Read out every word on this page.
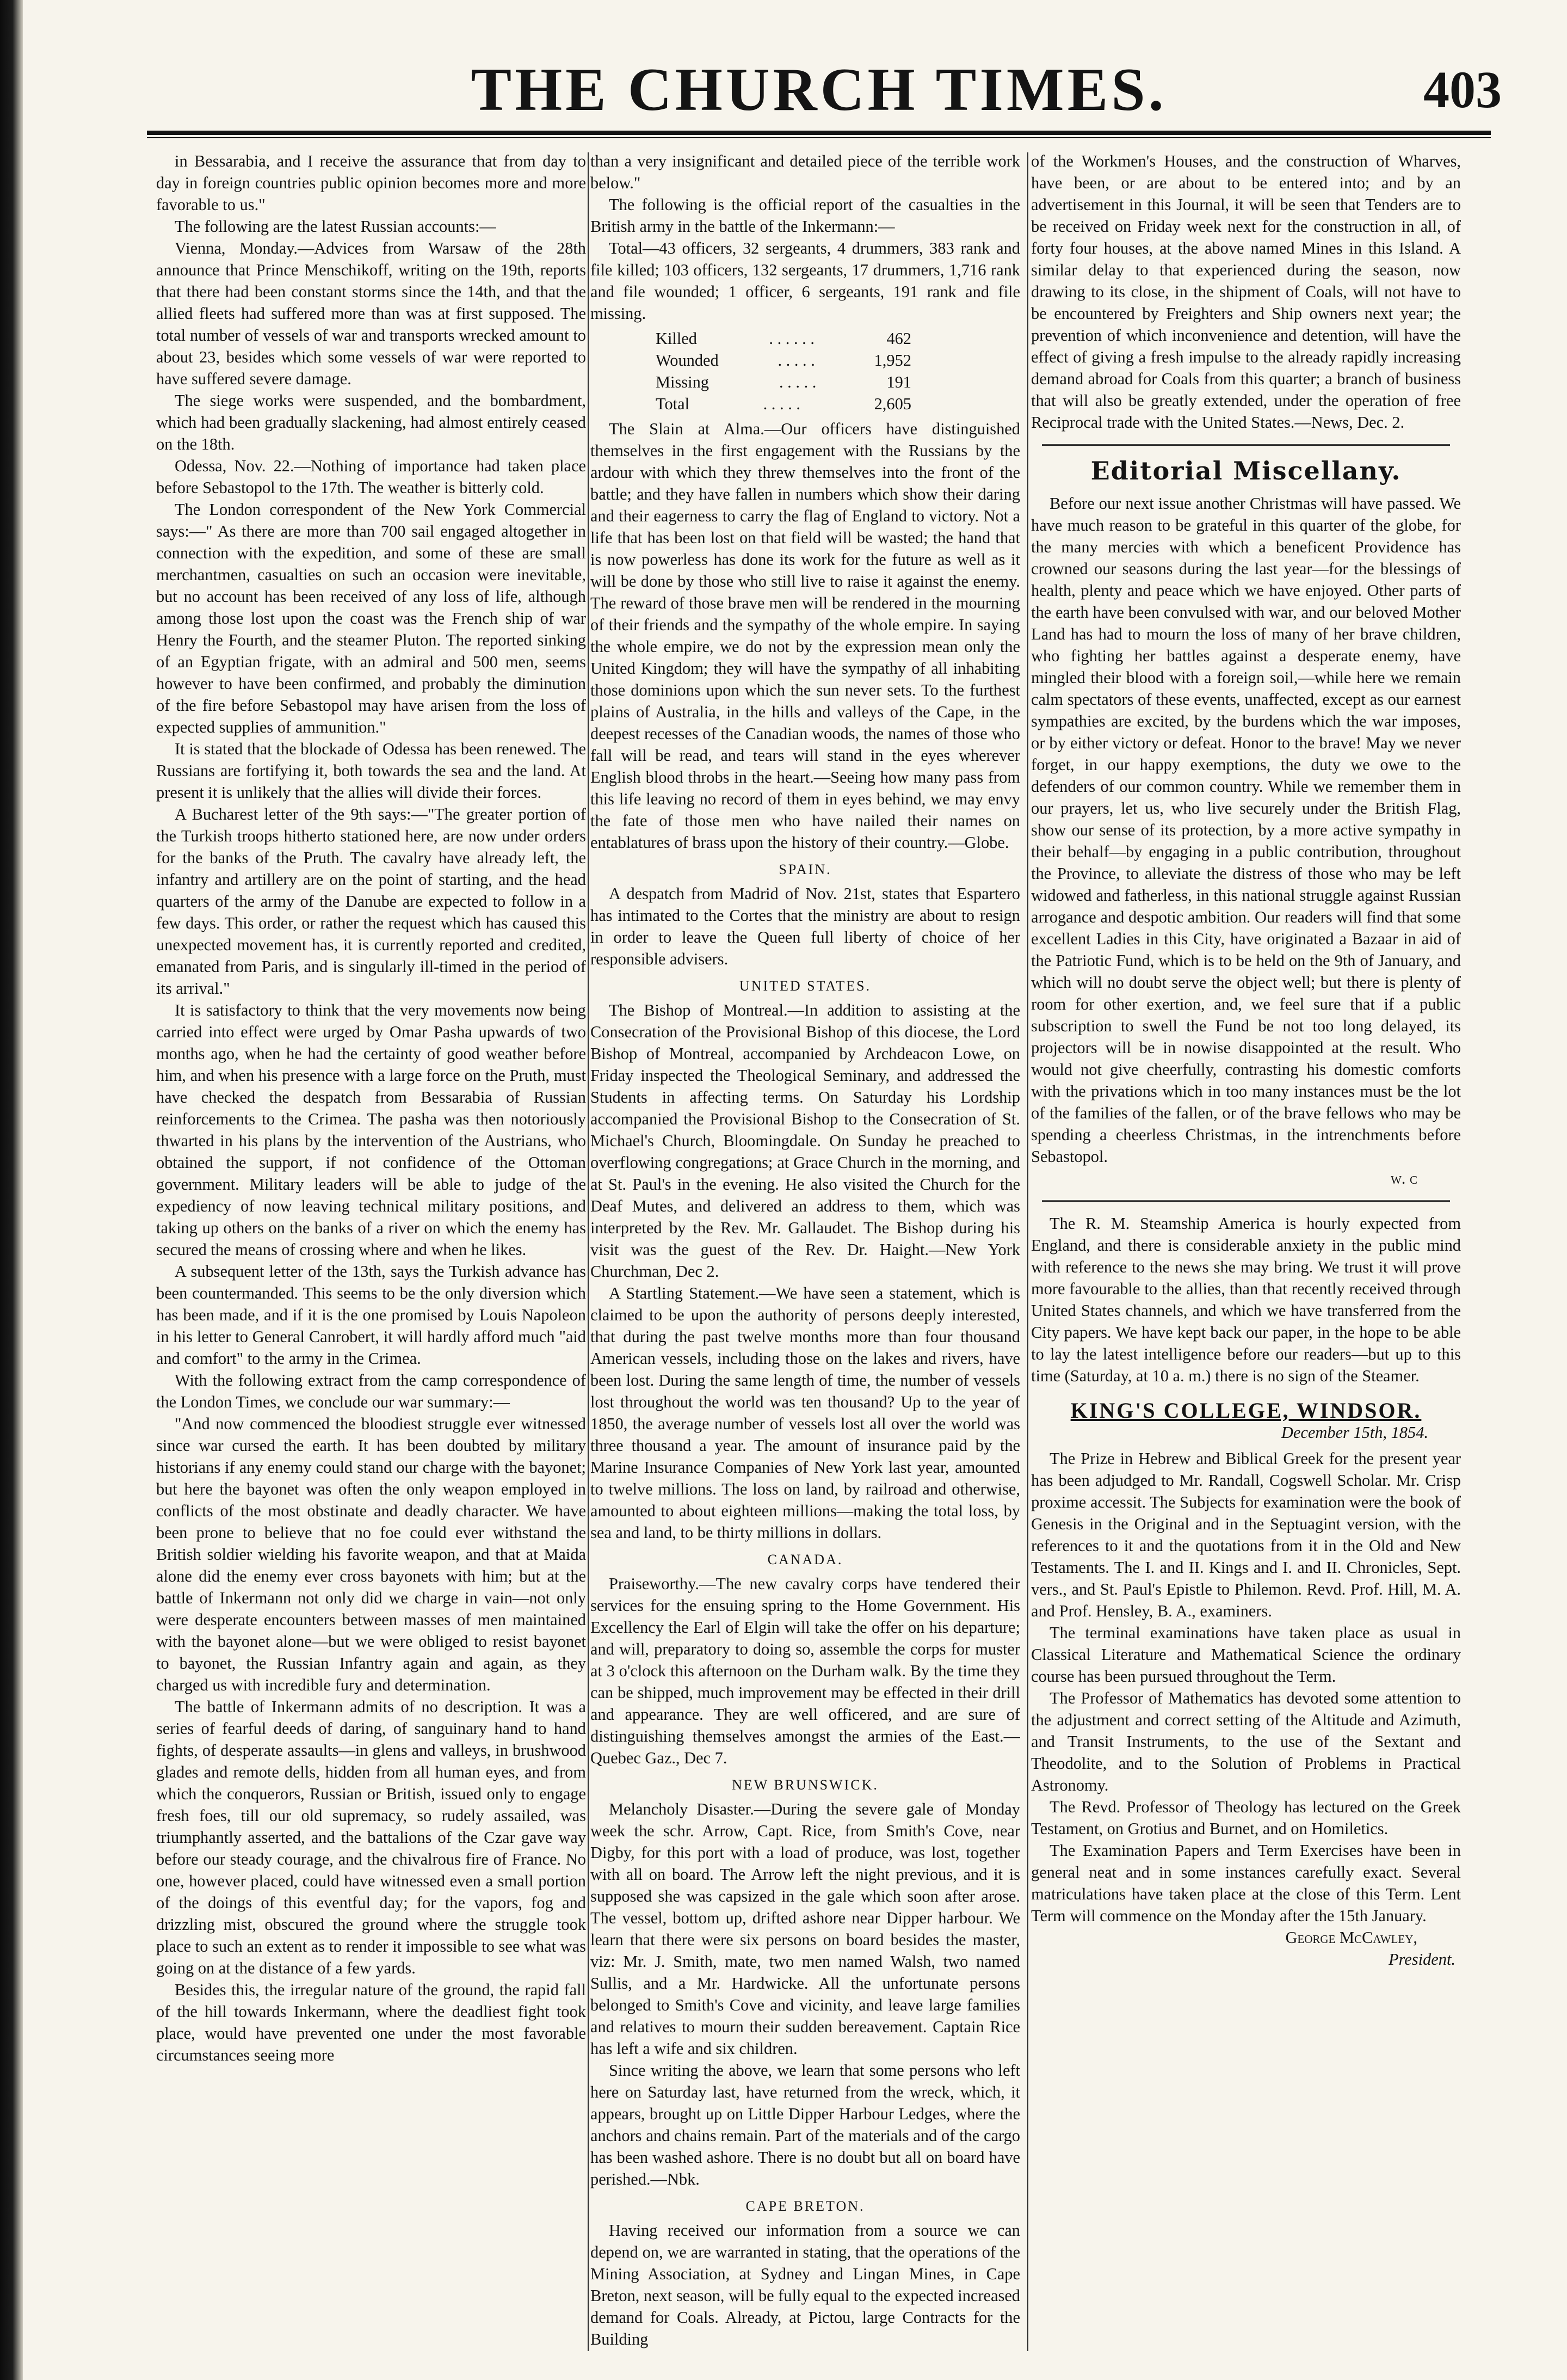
THE CHURCH TIMES.	403

in Bessarabia, and I receive the assurance that from day to day in foreign countries public opinion becomes more and more favorable to us."

The following are the latest Russian accounts:—

Vienna, Monday.—Advices from Warsaw of the 28th announce that Prince Menschikoff, writing on the 19th, reports that there had been constant storms since the 14th, and that the allied fleets had suffered more than was at first supposed. The total number of vessels of war and transports wrecked amount to about 23, besides which some vessels of war were reported to have suffered severe damage.

The siege works were suspended, and the bombardment, which had been gradually slackening, had almost entirely ceased on the 18th.

Odessa, Nov. 22.—Nothing of importance had taken place before Sebastopol to the 17th. The weather is bitterly cold.

The London correspondent of the New York Commercial says:—" As there are more than 700 sail engaged altogether in connection with the expedition, and some of these are small merchantmen, casualties on such an occasion were inevitable, but no account has been received of any loss of life, although among those lost upon the coast was the French ship of war Henry the Fourth, and the steamer Pluton. The reported sinking of an Egyptian frigate, with an admiral and 500 men, seems however to have been confirmed, and probably the diminution of the fire before Sebastopol may have arisen from the loss of expected supplies of ammunition."

It is stated that the blockade of Odessa has been renewed. The Russians are fortifying it, both towards the sea and the land. At present it is unlikely that the allies will divide their forces.

A Bucharest letter of the 9th says:—"The greater portion of the Turkish troops hitherto stationed here, are now under orders for the banks of the Pruth. The cavalry have already left, the infantry and artillery are on the point of starting, and the head quarters of the army of the Danube are expected to follow in a few days. This order, or rather the request which has caused this unexpected movement has, it is currently reported and credited, emanated from Paris, and is singularly ill-timed in the period of its arrival."

It is satisfactory to think that the very movements now being carried into effect were urged by Omar Pasha upwards of two months ago, when he had the certainty of good weather before him, and when his presence with a large force on the Pruth, must have checked the despatch from Bessarabia of Russian reinforcements to the Crimea. The pasha was then notoriously thwarted in his plans by the intervention of the Austrians, who obtained the support, if not confidence of the Ottoman government. Military leaders will be able to judge of the expediency of now leaving technical military positions, and taking up others on the banks of a river on which the enemy has secured the means of crossing where and when he likes.

A subsequent letter of the 13th, says the Turkish advance has been countermanded. This seems to be the only diversion which has been made, and if it is the one promised by Louis Napoleon in his letter to General Canrobert, it will hardly afford much "aid and comfort" to the army in the Crimea.

With the following extract from the camp correspondence of the London Times, we conclude our war summary:—

"And now commenced the bloodiest struggle ever witnessed since war cursed the earth. It has been doubted by military historians if any enemy could stand our charge with the bayonet; but here the bayonet was often the only weapon employed in conflicts of the most obstinate and deadly character. We have been prone to believe that no foe could ever withstand the British soldier wielding his favorite weapon, and that at Maida alone did the enemy ever cross bayonets with him; but at the battle of Inkermann not only did we charge in vain—not only were desperate encounters between masses of men maintained with the bayonet alone—but we were obliged to resist bayonet to bayonet, the Russian Infantry again and again, as they charged us with incredible fury and determination.

The battle of Inkermann admits of no description. It was a series of fearful deeds of daring, of sanguinary hand to hand fights, of desperate assaults—in glens and valleys, in brushwood glades and remote dells, hidden from all human eyes, and from which the conquerors, Russian or British, issued only to engage fresh foes, till our old supremacy, so rudely assailed, was triumphantly asserted, and the battalions of the Czar gave way before our steady courage, and the chivalrous fire of France. No one, however placed, could have witnessed even a small portion of the doings of this eventful day; for the vapors, fog and drizzling mist, obscured the ground where the struggle took place to such an extent as to render it impossible to see what was going on at the distance of a few yards.

Besides this, the irregular nature of the ground, the rapid fall of the hill towards Inkermann, where the deadliest fight took place, would have prevented one under the most favorable circumstances seeing more

than a very insignificant and detailed piece of the terrible work below."

The following is the official report of the casualties in the British army in the battle of the Inkermann:—

Total—43 officers, 32 sergeants, 4 drummers, 383 rank and file killed; 103 officers, 132 sergeants, 17 drummers, 1,716 rank and file wounded; 1 officer, 6 sergeants, 191 rank and file missing.

Killed	. . . . . .	462
Wounded	. . . . .	1,952
Missing	. . . . .	191
Total	. . . . .	2,605

The Slain at Alma.—Our officers have distinguished themselves in the first engagement with the Russians by the ardour with which they threw themselves into the front of the battle; and they have fallen in numbers which show their daring and their eagerness to carry the flag of England to victory. Not a life that has been lost on that field will be wasted; the hand that is now powerless has done its work for the future as well as it will be done by those who still live to raise it against the enemy. The reward of those brave men will be rendered in the mourning of their friends and the sympathy of the whole empire. In saying the whole empire, we do not by the expression mean only the United Kingdom; they will have the sympathy of all inhabiting those dominions upon which the sun never sets. To the furthest plains of Australia, in the hills and valleys of the Cape, in the deepest recesses of the Canadian woods, the names of those who fall will be read, and tears will stand in the eyes wherever English blood throbs in the heart.—Seeing how many pass from this life leaving no record of them in eyes behind, we may envy the fate of those men who have nailed their names on entablatures of brass upon the history of their country.—Globe.

SPAIN.

A despatch from Madrid of Nov. 21st, states that Espartero has intimated to the Cortes that the ministry are about to resign in order to leave the Queen full liberty of choice of her responsible advisers.

UNITED STATES.

The Bishop of Montreal.—In addition to assisting at the Consecration of the Provisional Bishop of this diocese, the Lord Bishop of Montreal, accompanied by Archdeacon Lowe, on Friday inspected the Theological Seminary, and addressed the Students in affecting terms. On Saturday his Lordship accompanied the Provisional Bishop to the Consecration of St. Michael's Church, Bloomingdale. On Sunday he preached to overflowing congregations; at Grace Church in the morning, and at St. Paul's in the evening. He also visited the Church for the Deaf Mutes, and delivered an address to them, which was interpreted by the Rev. Mr. Gallaudet. The Bishop during his visit was the guest of the Rev. Dr. Haight.—New York Churchman, Dec 2.

A Startling Statement.—We have seen a statement, which is claimed to be upon the authority of persons deeply interested, that during the past twelve months more than four thousand American vessels, including those on the lakes and rivers, have been lost. During the same length of time, the number of vessels lost throughout the world was ten thousand? Up to the year of 1850, the average number of vessels lost all over the world was three thousand a year. The amount of insurance paid by the Marine Insurance Companies of New York last year, amounted to twelve millions. The loss on land, by railroad and otherwise, amounted to about eighteen millions—making the total loss, by sea and land, to be thirty millions in dollars.

CANADA.

Praiseworthy.—The new cavalry corps have tendered their services for the ensuing spring to the Home Government. His Excellency the Earl of Elgin will take the offer on his departure; and will, preparatory to doing so, assemble the corps for muster at 3 o'clock this afternoon on the Durham walk. By the time they can be shipped, much improvement may be effected in their drill and appearance. They are well officered, and are sure of distinguishing themselves amongst the armies of the East.—Quebec Gaz., Dec 7.

NEW BRUNSWICK.

Melancholy Disaster.—During the severe gale of Monday week the schr. Arrow, Capt. Rice, from Smith's Cove, near Digby, for this port with a load of produce, was lost, together with all on board. The Arrow left the night previous, and it is supposed she was capsized in the gale which soon after arose. The vessel, bottom up, drifted ashore near Dipper harbour. We learn that there were six persons on board besides the master, viz: Mr. J. Smith, mate, two men named Walsh, two named Sullis, and a Mr. Hardwicke. All the unfortunate persons belonged to Smith's Cove and vicinity, and leave large families and relatives to mourn their sudden bereavement. Captain Rice has left a wife and six children.

Since writing the above, we learn that some persons who left here on Saturday last, have returned from the wreck, which, it appears, brought up on Little Dipper Harbour Ledges, where the anchors and chains remain. Part of the materials and of the cargo has been washed ashore. There is no doubt but all on board have perished.—Nbk.

CAPE BRETON.

Having received our information from a source we can depend on, we are warranted in stating, that the operations of the Mining Association, at Sydney and Lingan Mines, in Cape Breton, next season, will be fully equal to the expected increased demand for Coals. Already, at Pictou, large Contracts for the Building

of the Workmen's Houses, and the construction of Wharves, have been, or are about to be entered into; and by an advertisement in this Journal, it will be seen that Tenders are to be received on Friday week next for the construction in all, of forty four houses, at the above named Mines in this Island. A similar delay to that experienced during the season, now drawing to its close, in the shipment of Coals, will not have to be encountered by Freighters and Ship owners next year; the prevention of which inconvenience and detention, will have the effect of giving a fresh impulse to the already rapidly increasing demand abroad for Coals from this quarter; a branch of business that will also be greatly extended, under the operation of free Reciprocal trade with the United States.—News, Dec. 2.

Editorial Miscellany.

Before our next issue another Christmas will have passed. We have much reason to be grateful in this quarter of the globe, for the many mercies with which a beneficent Providence has crowned our seasons during the last year—for the blessings of health, plenty and peace which we have enjoyed. Other parts of the earth have been convulsed with war, and our beloved Mother Land has had to mourn the loss of many of her brave children, who fighting her battles against a desperate enemy, have mingled their blood with a foreign soil,—while here we remain calm spectators of these events, unaffected, except as our earnest sympathies are excited, by the burdens which the war imposes, or by either victory or defeat. Honor to the brave! May we never forget, in our happy exemptions, the duty we owe to the defenders of our common country. While we remember them in our prayers, let us, who live securely under the British Flag, show our sense of its protection, by a more active sympathy in their behalf—by engaging in a public contribution, throughout the Province, to alleviate the distress of those who may be left widowed and fatherless, in this national struggle against Russian arrogance and despotic ambition. Our readers will find that some excellent Ladies in this City, have originated a Bazaar in aid of the Patriotic Fund, which is to be held on the 9th of January, and which will no doubt serve the object well; but there is plenty of room for other exertion, and, we feel sure that if a public subscription to swell the Fund be not too long delayed, its projectors will be in nowise disappointed at the result. Who would not give cheerfully, contrasting his domestic comforts with the privations which in too many instances must be the lot of the families of the fallen, or of the brave fellows who may be spending a cheerless Christmas, in the intrenchments before Sebastopol.

w. c

The R. M. Steamship America is hourly expected from England, and there is considerable anxiety in the public mind with reference to the news she may bring. We trust it will prove more favourable to the allies, than that recently received through United States channels, and which we have transferred from the City papers. We have kept back our paper, in the hope to be able to lay the latest intelligence before our readers—but up to this time (Saturday, at 10 a. m.) there is no sign of the Steamer.

KING'S COLLEGE, WINDSOR.
December 15th, 1854.

The Prize in Hebrew and Biblical Greek for the present year has been adjudged to Mr. Randall, Cogswell Scholar. Mr. Crisp proxime accessit. The Subjects for examination were the book of Genesis in the Original and in the Septuagint version, with the references to it and the quotations from it in the Old and New Testaments. The I. and II. Kings and I. and II. Chronicles, Sept. vers., and St. Paul's Epistle to Philemon. Revd. Prof. Hill, M. A. and Prof. Hensley, B. A., examiners.

The terminal examinations have taken place as usual in Classical Literature and Mathematical Science the ordinary course has been pursued throughout the Term.

The Professor of Mathematics has devoted some attention to the adjustment and correct setting of the Altitude and Azimuth, and Transit Instruments, to the use of the Sextant and Theodolite, and to the Solution of Problems in Practical Astronomy.

The Revd. Professor of Theology has lectured on the Greek Testament, on Grotius and Burnet, and on Homiletics.

The Examination Papers and Term Exercises have been in general neat and in some instances carefully exact. Several matriculations have taken place at the close of this Term. Lent Term will commence on the Monday after the 15th January.

George McCawley,
President.
